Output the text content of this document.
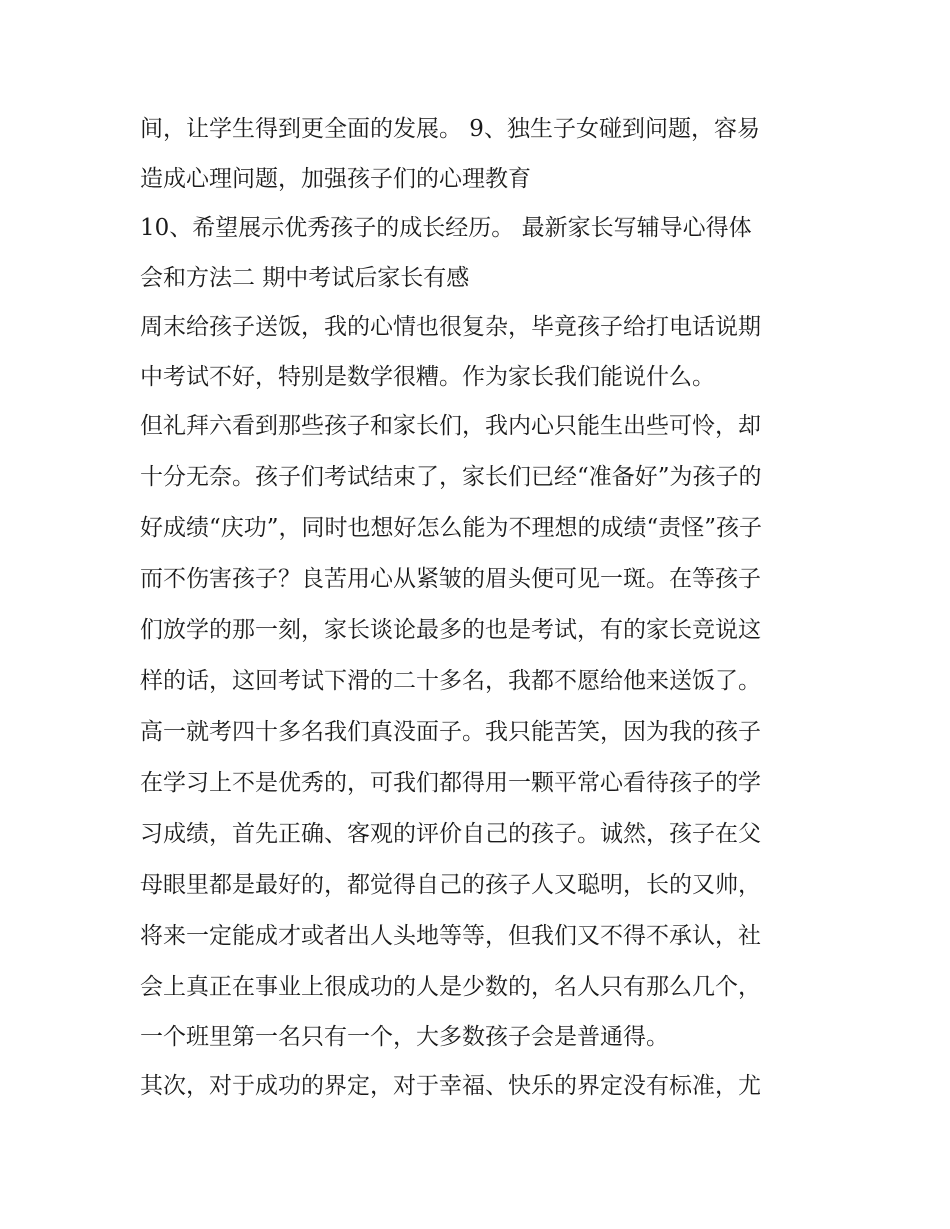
间，让学生得到更全面的发展。 9、独生子女碰到问题，容易
造成心理问题，加强孩子们的心理教育
10、希望展示优秀孩子的成长经历。 最新家长写辅导心得体
会和方法二 期中考试后家长有感
周末给孩子送饭，我的心情也很复杂，毕竟孩子给打电话说期
中考试不好，特别是数学很糟。作为家长我们能说什么。
但礼拜六看到那些孩子和家长们，我内心只能生出些可怜，却
十分无奈。孩子们考试结束了，家长们已经“准备好”为孩子的
好成绩“庆功”，同时也想好怎么能为不理想的成绩“责怪”孩子
而不伤害孩子？良苦用心从紧皱的眉头便可见一斑。在等孩子
们放学的那一刻，家长谈论最多的也是考试，有的家长竞说这
样的话，这回考试下滑的二十多名，我都不愿给他来送饭了。
高一就考四十多名我们真没面子。我只能苦笑，因为我的孩子
在学习上不是优秀的，可我们都得用一颗平常心看待孩子的学
习成绩，首先正确、客观的评价自己的孩子。诚然，孩子在父
母眼里都是最好的，都觉得自己的孩子人又聪明，长的又帅，
将来一定能成才或者出人头地等等，但我们又不得不承认，社
会上真正在事业上很成功的人是少数的，名人只有那么几个，
一个班里第一名只有一个，大多数孩子会是普通得。
其次，对于成功的界定，对于幸福、快乐的界定没有标准，尤
